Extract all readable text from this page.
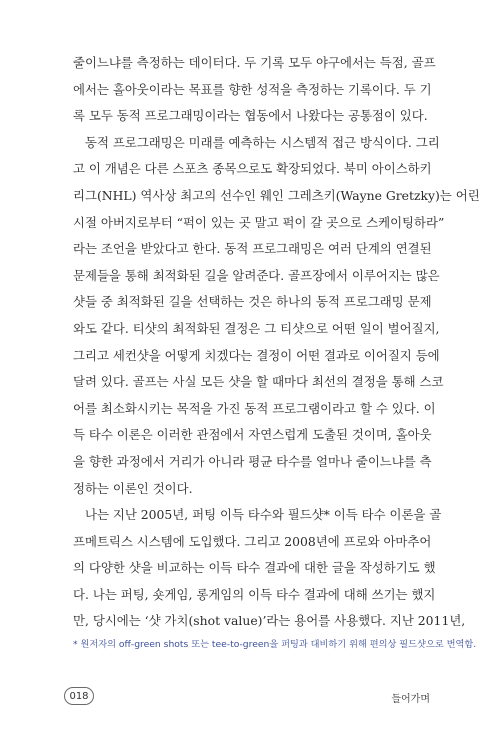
줄이느냐를 측정하는 데이터다. 두 기록 모두 야구에서는 득점, 골프
에서는 홀아웃이라는 목표를 향한 성적을 측정하는 기록이다. 두 기
록 모두 동적 프로그래밍이라는 협동에서 나왔다는 공통점이 있다.
동적 프로그래밍은 미래를 예측하는 시스템적 접근 방식이다. 그리
고 이 개념은 다른 스포츠 종목으로도 확장되었다. 북미 아이스하키
리그(NHL) 역사상 최고의 선수인 웨인 그레츠키(Wayne Gretzky)는 어린
시절 아버지로부터 “퍽이 있는 곳 말고 퍽이 갈 곳으로 스케이팅하라”
라는 조언을 받았다고 한다. 동적 프로그래밍은 여러 단계의 연결된
문제들을 통해 최적화된 길을 알려준다. 골프장에서 이루어지는 많은
샷들 중 최적화된 길을 선택하는 것은 하나의 동적 프로그래밍 문제
와도 같다. 티샷의 최적화된 결정은 그 티샷으로 어떤 일이 벌어질지,
그리고 세컨샷을 어떻게 치겠다는 결정이 어떤 결과로 이어질지 등에
달려 있다. 골프는 사실 모든 샷을 할 때마다 최선의 결정을 통해 스코
어를 최소화시키는 목적을 가진 동적 프로그램이라고 할 수 있다. 이
득 타수 이론은 이러한 관점에서 자연스럽게 도출된 것이며, 홀아웃
을 향한 과정에서 거리가 아니라 평균 타수를 얼마나 줄이느냐를 측
정하는 이론인 것이다.
나는 지난 2005년, 퍼팅 이득 타수와 필드샷* 이득 타수 이론을 골
프메트릭스 시스템에 도입했다. 그리고 2008년에 프로와 아마추어
의 다양한 샷을 비교하는 이득 타수 결과에 대한 글을 작성하기도 했
다. 나는 퍼팅, 숏게임, 롱게임의 이득 타수 결과에 대해 쓰기는 했지
만, 당시에는 ‘샷 가치(shot value)’라는 용어를 사용했다. 지난 2011년,
* 원저자의 off-green shots 또는 tee-to-green을 퍼팅과 대비하기 위해 편의상 필드샷으로 번역함.
018	들어가며
